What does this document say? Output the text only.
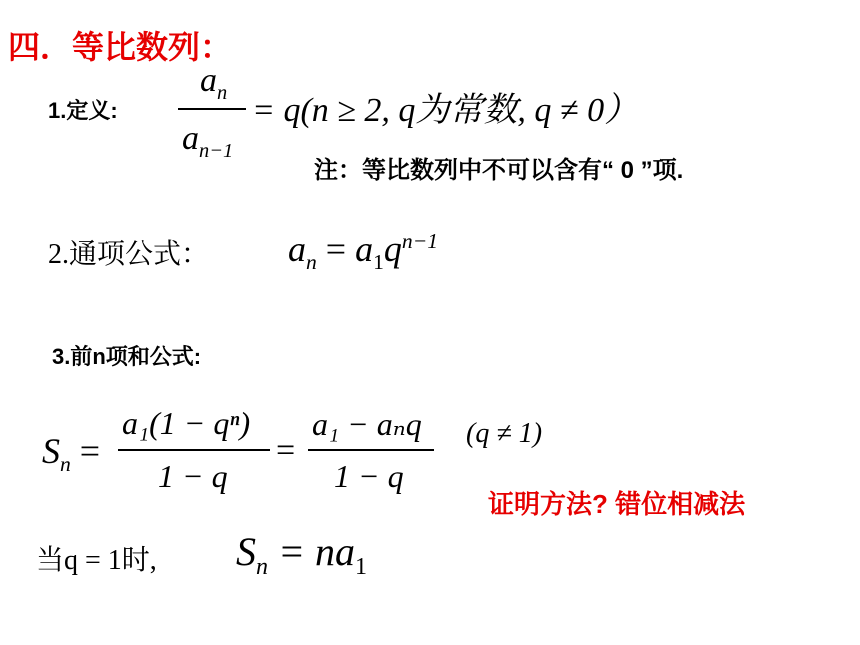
四．等比数列：
1.定义:
$a_n$
$a_{n-1}$
= q(n ≥ 2, q为常数, q ≠ 0）
注：等比数列中不可以含有“ 0 ”项.
2.通项公式： $a_n = a_1q^{n-1}$
3.前n项和公式:
$S_n$ =
a₁(1 − qⁿ)
1 − q
=
a₁ − aₙq
1 − q
(q ≠ 1)
证明方法? 错位相减法
当q = 1时, $S_n = na_1$
